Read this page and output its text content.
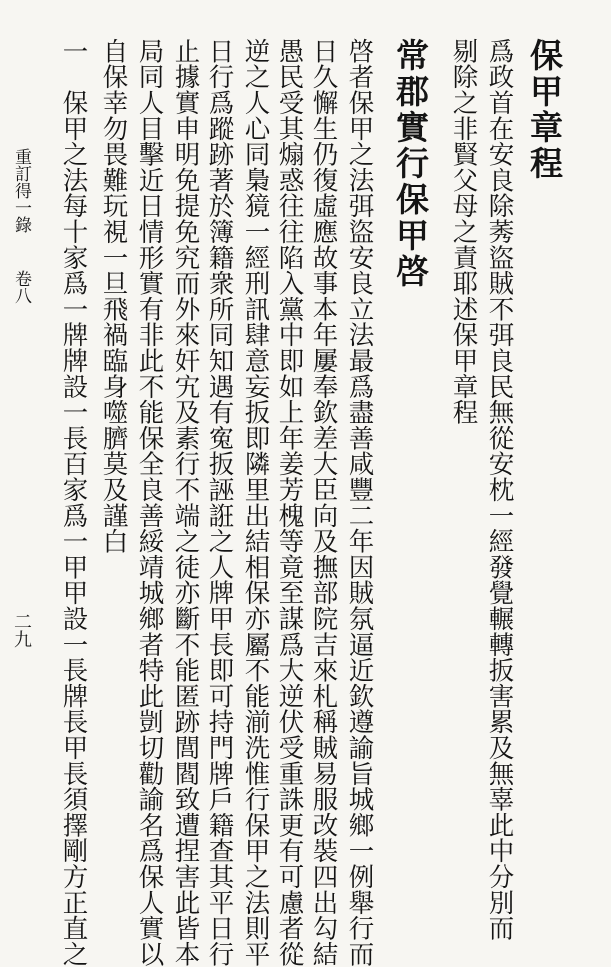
保甲章程
爲政首在安良除莠盜賊不弭良民無從安枕一經發覺輾轉扳害累及無辜此中分別而
剔除之非賢父母之責耶述保甲章程
常郡實行保甲啓
啓者保甲之法弭盜安良立法最爲盡善咸豐二年因賊氛逼近欽遵諭旨城鄉一例舉行而
日久懈生仍復虛應故事本年屢奉欽差大臣向及撫部院吉來札稱賊易服改裝四出勾結
愚民受其煽惑往往陷入黨中即如上年姜芳槐等竟至謀爲大逆伏受重誅更有可慮者從
逆之人心同梟獍一經刑訊肆意妄扳即隣里出結相保亦屬不能湔洗惟行保甲之法則平
日行爲蹤跡著於簿籍衆所同知遇有寃扳誣誑之人牌甲長即可持門牌戶籍查其平日行
止據實申明免提免究而外來奸宄及素行不端之徒亦斷不能匿跡閭閻致遭捏害此皆本
局同人目擊近日情形實有非此不能保全良善綏靖城鄉者特此剴切勸諭名爲保人實以
自保幸勿畏難玩視一旦飛禍臨身噬臍莫及謹白
一　保甲之法每十家爲一牌牌設一長百家爲一甲甲設一長牌長甲長須擇剛方正直之
重訂得一錄
卷八
二九
